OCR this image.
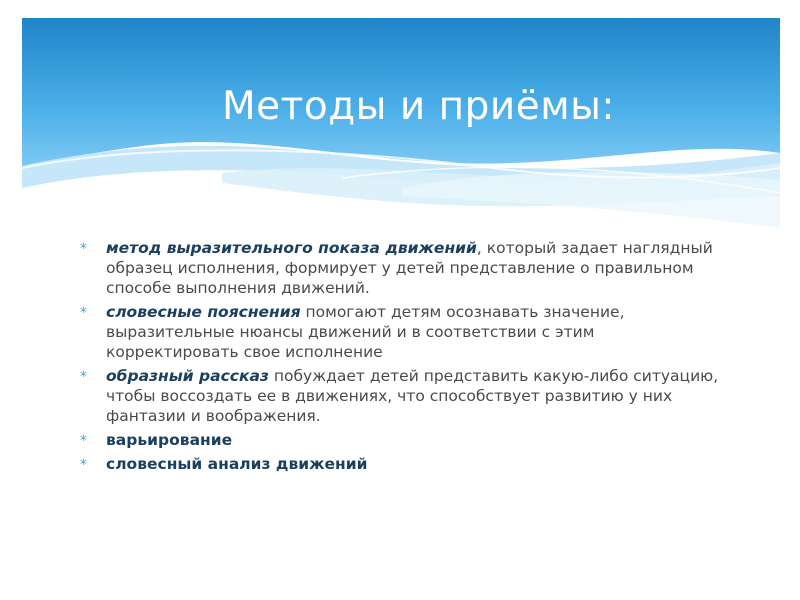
Методы и приёмы:
* метод выразительного показа движений, который задает наглядный образец исполнения, формирует у детей представление о правильном способе выполнения движений.
* словесные пояснения помогают детям осознавать значение, выразительные нюансы движений и в соответствии с этим корректировать свое исполнение
* образный рассказ побуждает детей представить какую-либо ситуацию, чтобы воссоздать ее в движениях, что способствует развитию у них фантазии и воображения.
* варьирование
* словесный анализ движений
